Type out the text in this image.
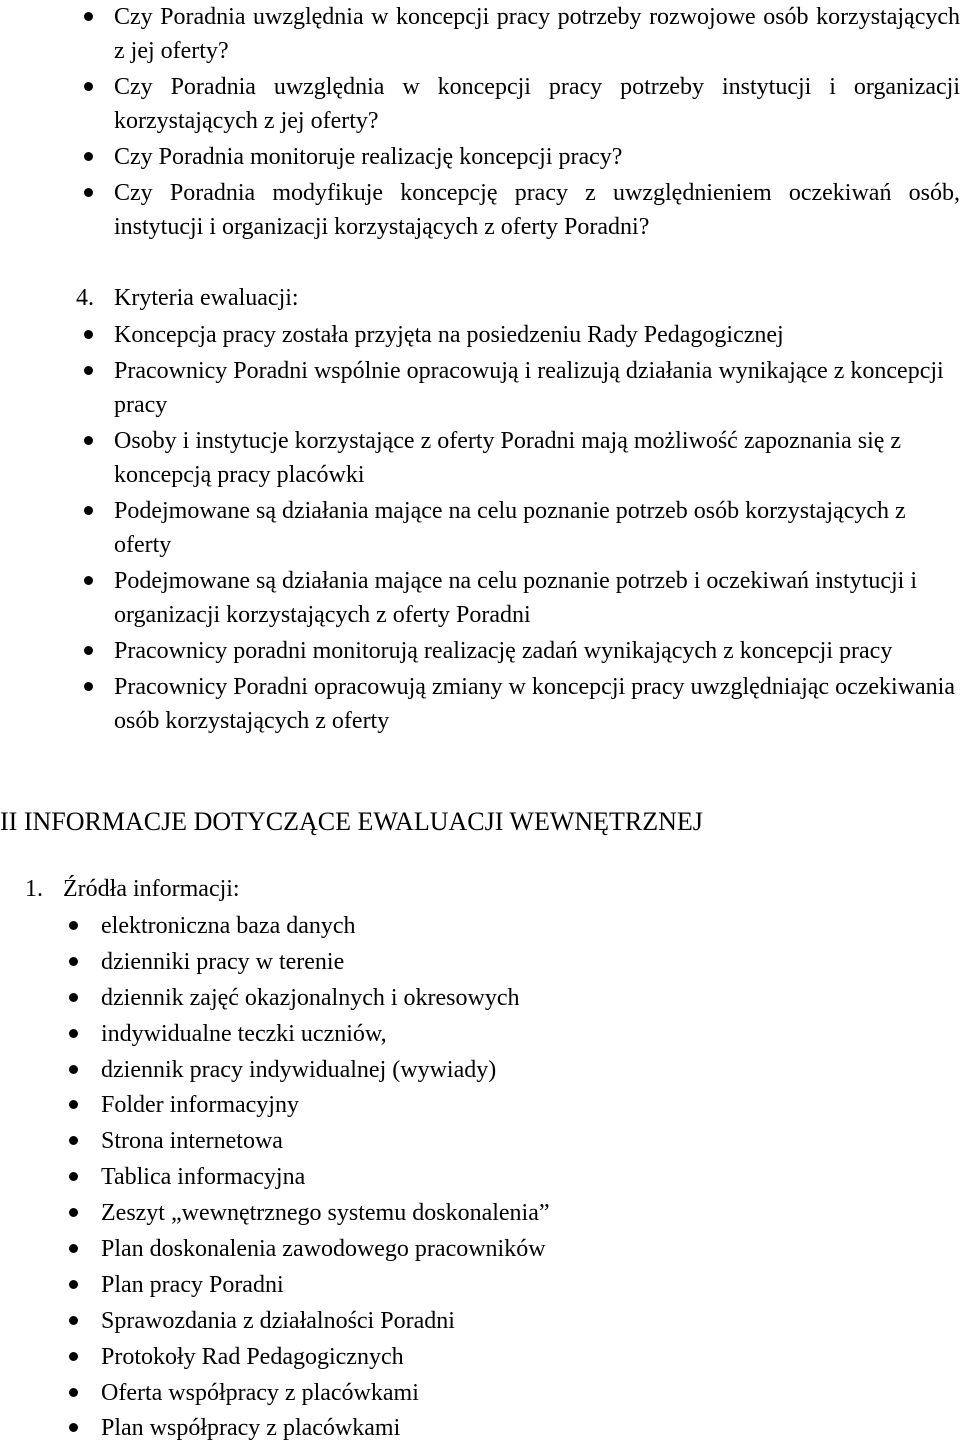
Czy Poradnia uwzględnia w koncepcji pracy potrzeby rozwojowe osób korzystających z jej oferty?
Czy Poradnia uwzględnia w koncepcji pracy potrzeby instytucji i organizacji korzystających z jej oferty?
Czy Poradnia monitoruje realizację koncepcji pracy?
Czy Poradnia modyfikuje koncepcję pracy z uwzględnieniem oczekiwań osób, instytucji i organizacji korzystających z oferty Poradni?
4. Kryteria ewaluacji:
Koncepcja pracy została przyjęta na posiedzeniu Rady Pedagogicznej
Pracownicy Poradni wspólnie opracowują i realizują działania wynikające z koncepcji pracy
Osoby i instytucje korzystające z oferty Poradni mają możliwość zapoznania się z koncepcją pracy placówki
Podejmowane są działania mające na celu poznanie potrzeb osób korzystających z oferty
Podejmowane są działania mające na celu poznanie potrzeb i oczekiwań instytucji i organizacji korzystających z oferty Poradni
Pracownicy poradni monitorują realizację zadań wynikających z koncepcji pracy
Pracownicy Poradni opracowują zmiany w koncepcji pracy uwzględniając oczekiwania osób korzystających z oferty
II INFORMACJE DOTYCZĄCE EWALUACJI WEWNĘTRZNEJ
1. Źródła informacji:
elektroniczna baza danych
dzienniki pracy w terenie
dziennik zajęć okazjonalnych i okresowych
indywidualne teczki uczniów,
dziennik pracy indywidualnej (wywiady)
Folder informacyjny
Strona internetowa
Tablica informacyjna
Zeszyt „wewnętrznego systemu doskonalenia”
Plan doskonalenia zawodowego pracowników
Plan pracy Poradni
Sprawozdania z działalności Poradni
Protokoły Rad Pedagogicznych
Oferta współpracy z placówkami
Plan współpracy z placówkami
